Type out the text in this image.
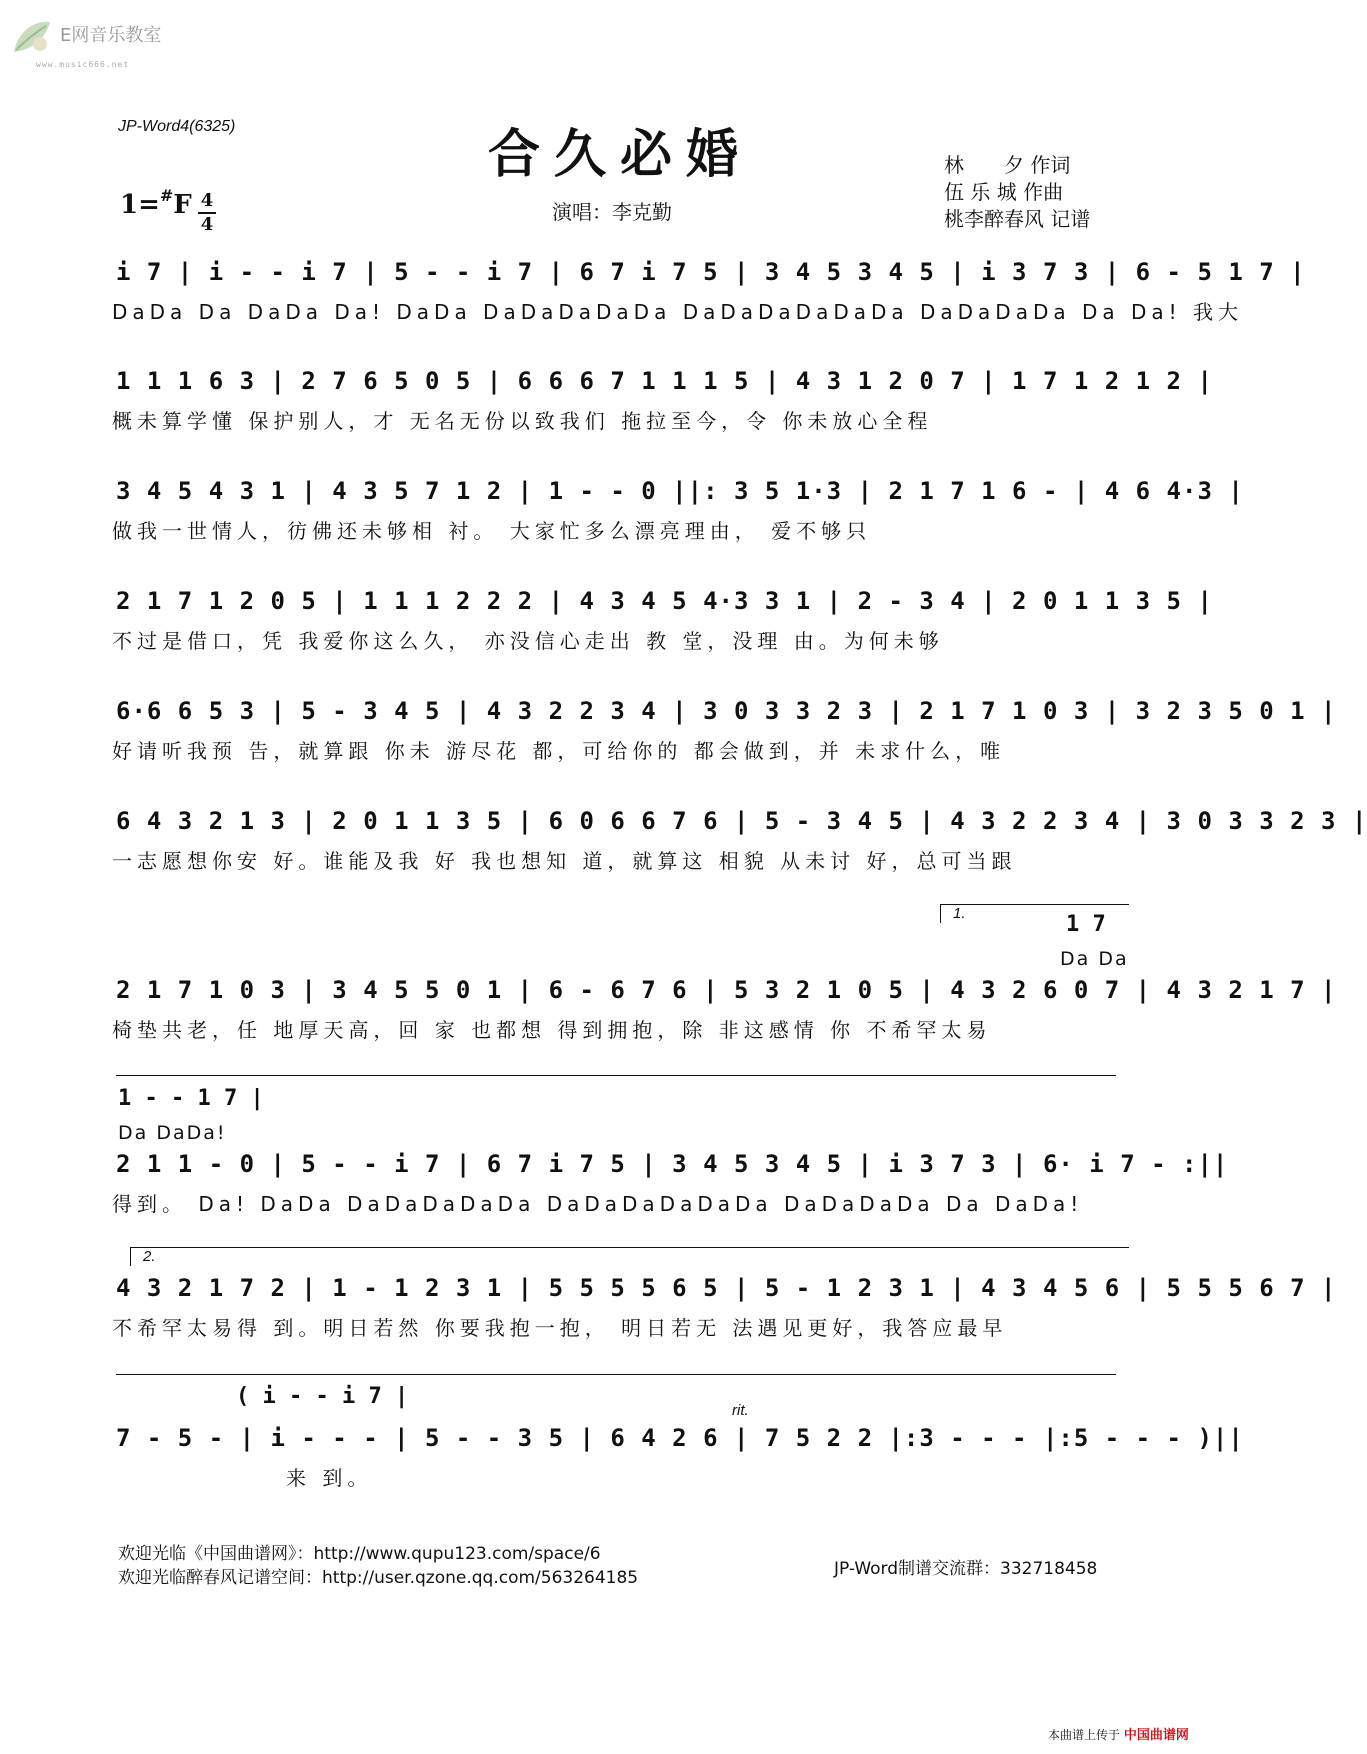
E网音乐教室
www.music666.net
JP-Word4(6325)	合久必婚
1=#F 4
4
演唱：李克勤
林　　夕 作词
伍 乐 城 作曲
桃李醉春风 记谱
i 7 | i - - i 7 | 5 - - i 7 | 6 7 i 7 5 | 3 4 5 3 4 5 | i 3 7 3 | 6 - 5 1 7 |
DaDa Da DaDa Da! DaDa DaDaDaDaDa DaDaDaDaDaDa DaDaDaDa Da Da! 我大
1 1 1 6 3 | 2 7 6 5 0 5 | 6 6 6 7 1 1 1 5 | 4 3 1 2 0 7 | 1 7 1 2 1 2 |
概未算学懂 保护别人，才 无名无份以致我们 拖拉至今，令 你未放心全程
3 4 5 4 3 1 | 4 3 5 7 1 2 | 1 - - 0 ||: 3 5 1·3 | 2 1 7 1 6 - | 4 6 4·3 |
做我一世情人，彷佛还未够相 衬。 大家忙多么漂亮理由， 爱不够只
2 1 7 1 2 0 5 | 1 1 1 2 2 2 | 4 3 4 5 4·3 3 1 | 2 - 3 4 | 2 0 1 1 3 5 |
不过是借口，凭 我爱你这么久， 亦没信心走出 教 堂，没理 由。为何未够
6·6 6 5 3 | 5 - 3 4 5 | 4 3 2 2 3 4 | 3 0 3 3 2 3 | 2 1 7 1 0 3 | 3 2 3 5 0 1 |
好请听我预 告，就算跟 你未 游尽花 都，可给你的 都会做到，并 未求什么，唯
6 4 3 2 1 3 | 2 0 1 1 3 5 | 6 0 6 6 7 6 | 5 - 3 4 5 | 4 3 2 2 3 4 | 3 0 3 3 2 3 |
一志愿想你安 好。谁能及我 好 我也想知 道，就算这 相貌 从未讨 好，总可当跟
1.	1 7
Da Da
2 1 7 1 0 3 | 3 4 5 5 0 1 | 6 - 6 7 6 | 5 3 2 1 0 5 | 4 3 2 6 0 7 | 4 3 2 1 7 |
椅垫共老，任 地厚天高，回 家 也都想 得到拥抱，除 非这感情 你 不希罕太易
1 - - 1 7 |
Da DaDa!
2 1 1 - 0 | 5 - - i 7 | 6 7 i 7 5 | 3 4 5 3 4 5 | i 3 7 3 | 6· i 7 - :||
得到。 Da! DaDa DaDaDaDaDa DaDaDaDaDaDa DaDaDaDa Da DaDa!
2.
4 3 2 1 7 2 | 1 - 1 2 3 1 | 5 5 5 5 6 5 | 5 - 1 2 3 1 | 4 3 4 5 6 | 5 5 5 6 7 |
不希罕太易得 到。明日若然 你要我抱一抱， 明日若无 法遇见更好，我答应最早
( i - - i 7 |
rit.
7 - 5 - | i - - - | 5 - - 3 5 | 6 4 2 6 | 7 5 2 2 |:3 - - - |:5 - - - )||
来 到。
欢迎光临《中国曲谱网》：http://www.qupu123.com/space/6
欢迎光临醉春风记谱空间：http://user.qzone.qq.com/563264185	JP-Word制谱交流群：332718458
本曲谱上传于 中国曲谱网
